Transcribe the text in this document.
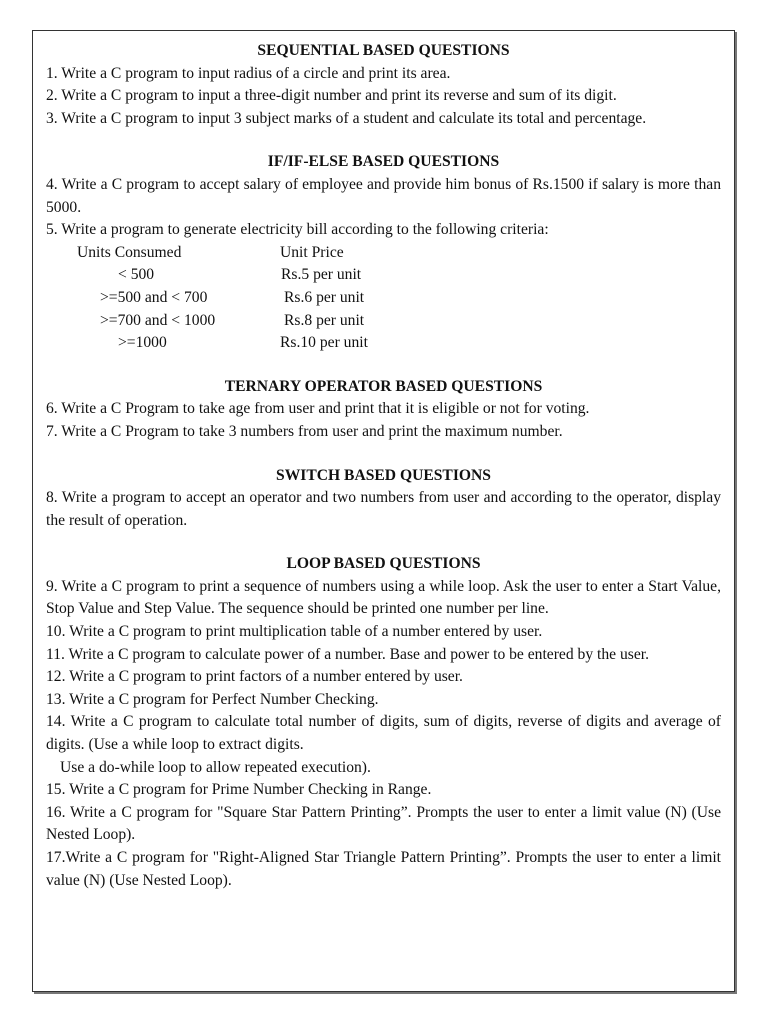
SEQUENTIAL BASED QUESTIONS

1. Write a C program to input radius of a circle and print its area.

2. Write a C program to input a three-digit number and print its reverse and sum of its digit.

3. Write a C program to input 3 subject marks of a student and calculate its total and percentage.

IF/IF-ELSE BASED QUESTIONS

4. Write a C program to accept salary of employee and provide him bonus of Rs.1500 if salary is more than 5000.

5. Write a program to generate electricity bill according to the following criteria:

Units Consumed	Unit Price
< 500	Rs.5 per unit
>=500 and < 700	Rs.6 per unit
>=700 and < 1000	Rs.8 per unit
>=1000	Rs.10 per unit

TERNARY OPERATOR BASED QUESTIONS

6. Write a C Program to take age from user and print that it is eligible or not for voting.

7. Write a C Program to take 3 numbers from user and print the maximum number.

SWITCH BASED QUESTIONS

8. Write a program to accept an operator and two numbers from user and according to the operator, display the result of operation.

LOOP BASED QUESTIONS

9. Write a C program to print a sequence of numbers using a while loop. Ask the user to enter a Start Value, Stop Value and Step Value. The sequence should be printed one number per line.

10. Write a C program to print multiplication table of a number entered by user.

11. Write a C program to calculate power of a number. Base and power to be entered by the user.

12. Write a C program to print factors of a number entered by user.

13. Write a C program for Perfect Number Checking.

14. Write a C program to calculate total number of digits, sum of digits, reverse of digits and average of digits. (Use a while loop to extract digits.

Use a do-while loop to allow repeated execution).

15. Write a C program for Prime Number Checking in Range.

16. Write a C program for "Square Star Pattern Printing”. Prompts the user to enter a limit value (N) (Use Nested Loop).

17.Write a C program for "Right-Aligned Star Triangle Pattern Printing”. Prompts the user to enter a limit value (N) (Use Nested Loop).
